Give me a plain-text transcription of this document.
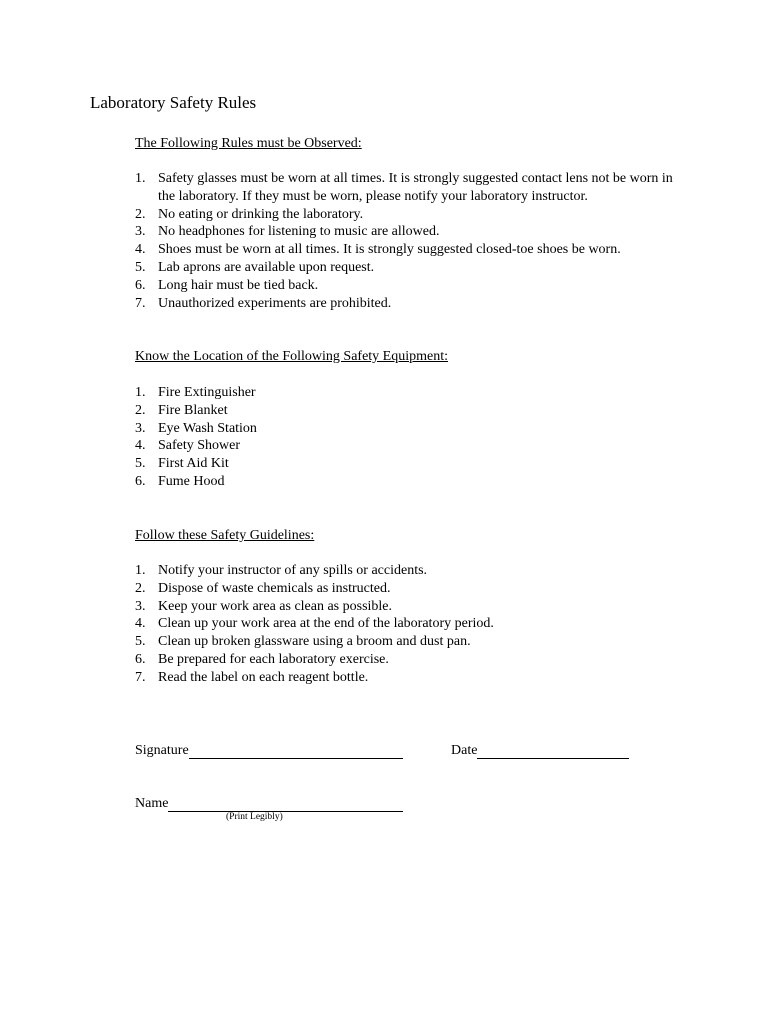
Laboratory Safety Rules
The Following Rules must be Observed:
1. Safety glasses must be worn at all times. It is strongly suggested contact lens not be worn in the laboratory. If they must be worn, please notify your laboratory instructor.
2. No eating or drinking the laboratory.
3. No headphones for listening to music are allowed.
4. Shoes must be worn at all times. It is strongly suggested closed-toe shoes be worn.
5. Lab aprons are available upon request.
6. Long hair must be tied back.
7. Unauthorized experiments are prohibited.
Know the Location of the Following Safety Equipment:
1. Fire Extinguisher
2. Fire Blanket
3. Eye Wash Station
4. Safety Shower
5. First Aid Kit
6. Fume Hood
Follow these Safety Guidelines:
1. Notify your instructor of any spills or accidents.
2. Dispose of waste chemicals as instructed.
3. Keep your work area as clean as possible.
4. Clean up your work area at the end of the laboratory period.
5. Clean up broken glassware using a broom and dust pan.
6. Be prepared for each laboratory exercise.
7. Read the label on each reagent bottle.
Signature	Date
Name
(Print Legibly)
